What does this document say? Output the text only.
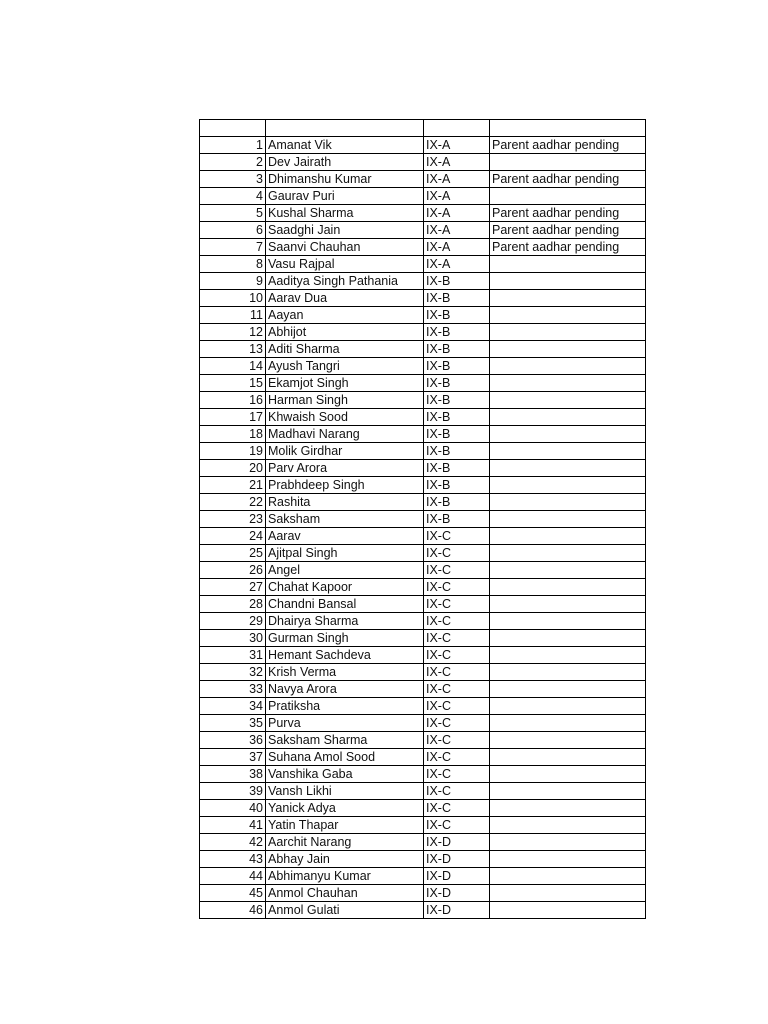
1	Amanat Vik	IX-A	Parent aadhar pending
2	Dev Jairath	IX-A	
3	Dhimanshu Kumar	IX-A	Parent aadhar pending
4	Gaurav Puri	IX-A	
5	Kushal Sharma	IX-A	Parent aadhar pending
6	Saadghi Jain	IX-A	Parent aadhar pending
7	Saanvi Chauhan	IX-A	Parent aadhar pending
8	Vasu Rajpal	IX-A	
9	Aaditya Singh Pathania	IX-B	
10	Aarav Dua	IX-B	
11	Aayan	IX-B	
12	Abhijot	IX-B	
13	Aditi Sharma	IX-B	
14	Ayush Tangri	IX-B	
15	Ekamjot Singh	IX-B	
16	Harman Singh	IX-B	
17	Khwaish Sood	IX-B	
18	Madhavi Narang	IX-B	
19	Molik Girdhar	IX-B	
20	Parv Arora	IX-B	
21	Prabhdeep Singh	IX-B	
22	Rashita	IX-B	
23	Saksham	IX-B	
24	Aarav	IX-C	
25	Ajitpal Singh	IX-C	
26	Angel	IX-C	
27	Chahat Kapoor	IX-C	
28	Chandni Bansal	IX-C	
29	Dhairya Sharma	IX-C	
30	Gurman Singh	IX-C	
31	Hemant Sachdeva	IX-C	
32	Krish Verma	IX-C	
33	Navya Arora	IX-C	
34	Pratiksha	IX-C	
35	Purva	IX-C	
36	Saksham Sharma	IX-C	
37	Suhana Amol Sood	IX-C	
38	Vanshika Gaba	IX-C	
39	Vansh Likhi	IX-C	
40	Yanick Adya	IX-C	
41	Yatin Thapar	IX-C	
42	Aarchit Narang	IX-D	
43	Abhay Jain	IX-D	
44	Abhimanyu Kumar	IX-D	
45	Anmol Chauhan	IX-D	
46	Anmol Gulati	IX-D	
